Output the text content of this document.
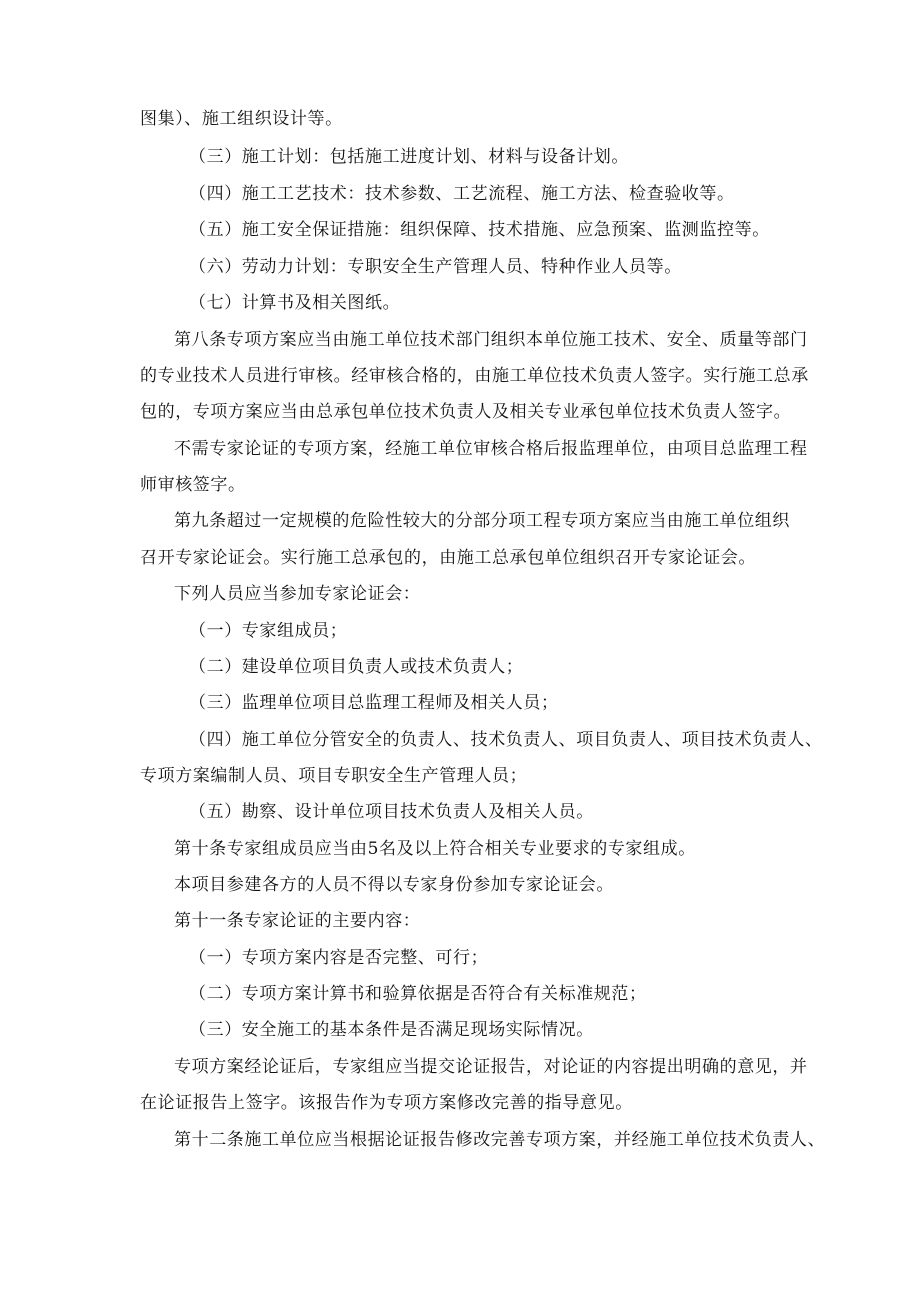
图集）、施工组织设计等。
（三）施工计划：包括施工进度计划、材料与设备计划。
（四）施工工艺技术：技术参数、工艺流程、施工方法、检查验收等。
（五）施工安全保证措施：组织保障、技术措施、应急预案、监测监控等。
（六）劳动力计划：专职安全生产管理人员、特种作业人员等。
（七）计算书及相关图纸。
第八条专项方案应当由施工单位技术部门组织本单位施工技术、安全、质量等部门
的专业技术人员进行审核。经审核合格的，由施工单位技术负责人签字。实行施工总承
包的，专项方案应当由总承包单位技术负责人及相关专业承包单位技术负责人签字。
不需专家论证的专项方案，经施工单位审核合格后报监理单位，由项目总监理工程
师审核签字。
第九条超过一定规模的危险性较大的分部分项工程专项方案应当由施工单位组织
召开专家论证会。实行施工总承包的，由施工总承包单位组织召开专家论证会。
下列人员应当参加专家论证会：
（一）专家组成员；
（二）建设单位项目负责人或技术负责人；
（三）监理单位项目总监理工程师及相关人员；
（四）施工单位分管安全的负责人、技术负责人、项目负责人、项目技术负责人、
专项方案编制人员、项目专职安全生产管理人员；
（五）勘察、设计单位项目技术负责人及相关人员。
第十条专家组成员应当由5名及以上符合相关专业要求的专家组成。
本项目参建各方的人员不得以专家身份参加专家论证会。
第十一条专家论证的主要内容：
（一）专项方案内容是否完整、可行；
（二）专项方案计算书和验算依据是否符合有关标准规范；
（三）安全施工的基本条件是否满足现场实际情况。
专项方案经论证后，专家组应当提交论证报告，对论证的内容提出明确的意见，并
在论证报告上签字。该报告作为专项方案修改完善的指导意见。
第十二条施工单位应当根据论证报告修改完善专项方案，并经施工单位技术负责人、
